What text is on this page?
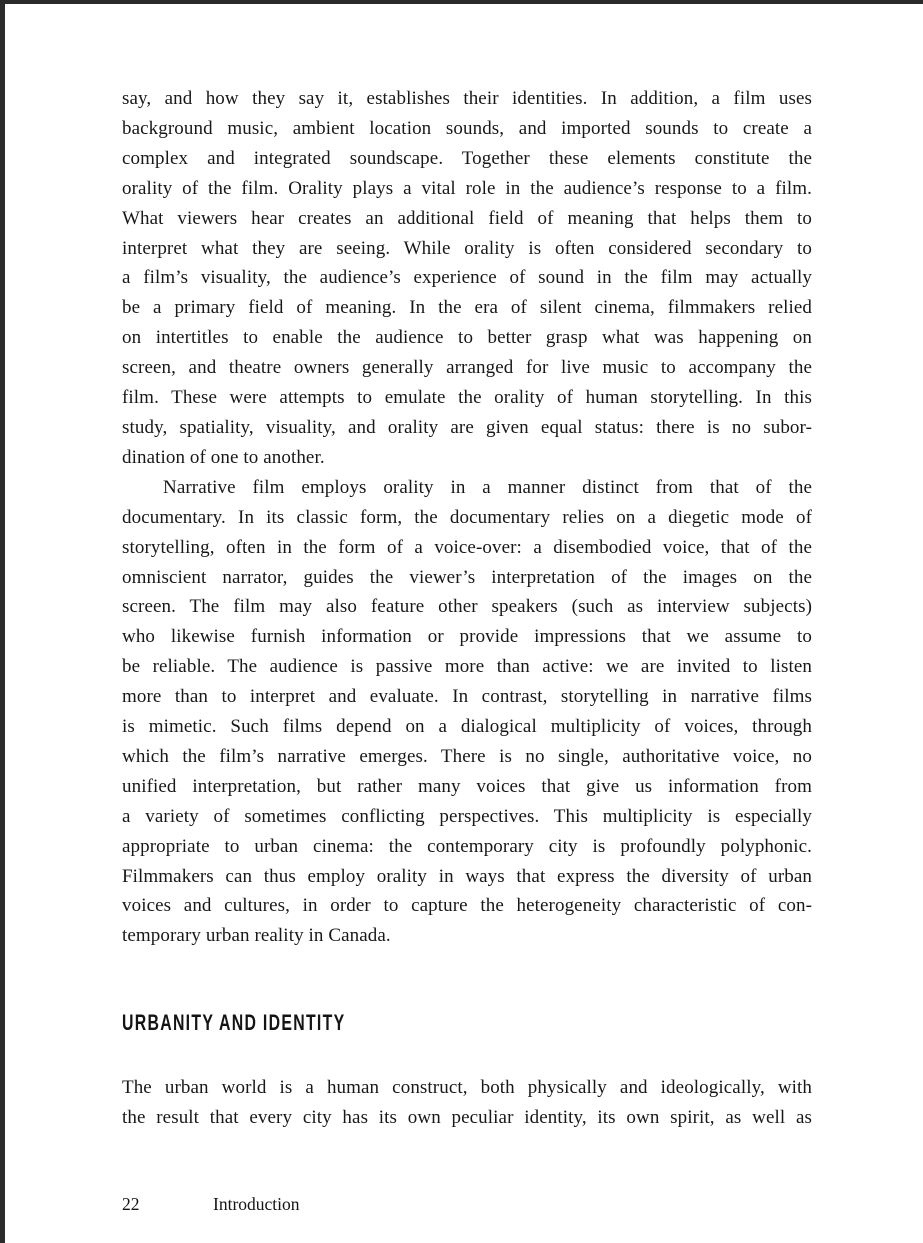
say, and how they say it, establishes their identities. In addition, a film uses
background music, ambient location sounds, and imported sounds to create a
complex and integrated soundscape. Together these elements constitute the
orality of the film. Orality plays a vital role in the audience’s response to a film.
What viewers hear creates an additional field of meaning that helps them to
interpret what they are seeing. While orality is often considered secondary to
a film’s visuality, the audience’s experience of sound in the film may actually
be a primary field of meaning. In the era of silent cinema, filmmakers relied
on intertitles to enable the audience to better grasp what was happening on
screen, and theatre owners generally arranged for live music to accompany the
film. These were attempts to emulate the orality of human storytelling. In this
study, spatiality, visuality, and orality are given equal status: there is no subor-
dination of one to another.
Narrative film employs orality in a manner distinct from that of the
documentary. In its classic form, the documentary relies on a diegetic mode of
storytelling, often in the form of a voice-over: a disembodied voice, that of the
omniscient narrator, guides the viewer’s interpretation of the images on the
screen. The film may also feature other speakers (such as interview subjects)
who likewise furnish information or provide impressions that we assume to
be reliable. The audience is passive more than active: we are invited to listen
more than to interpret and evaluate. In contrast, storytelling in narrative films
is mimetic. Such films depend on a dialogical multiplicity of voices, through
which the film’s narrative emerges. There is no single, authoritative voice, no
unified interpretation, but rather many voices that give us information from
a variety of sometimes conflicting perspectives. This multiplicity is especially
appropriate to urban cinema: the contemporary city is profoundly polyphonic.
Filmmakers can thus employ orality in ways that express the diversity of urban
voices and cultures, in order to capture the heterogeneity characteristic of con-
temporary urban reality in Canada.
URBANITY AND IDENTITY
The urban world is a human construct, both physically and ideologically, with
the result that every city has its own peculiar identity, its own spirit, as well as
22	Introduction
